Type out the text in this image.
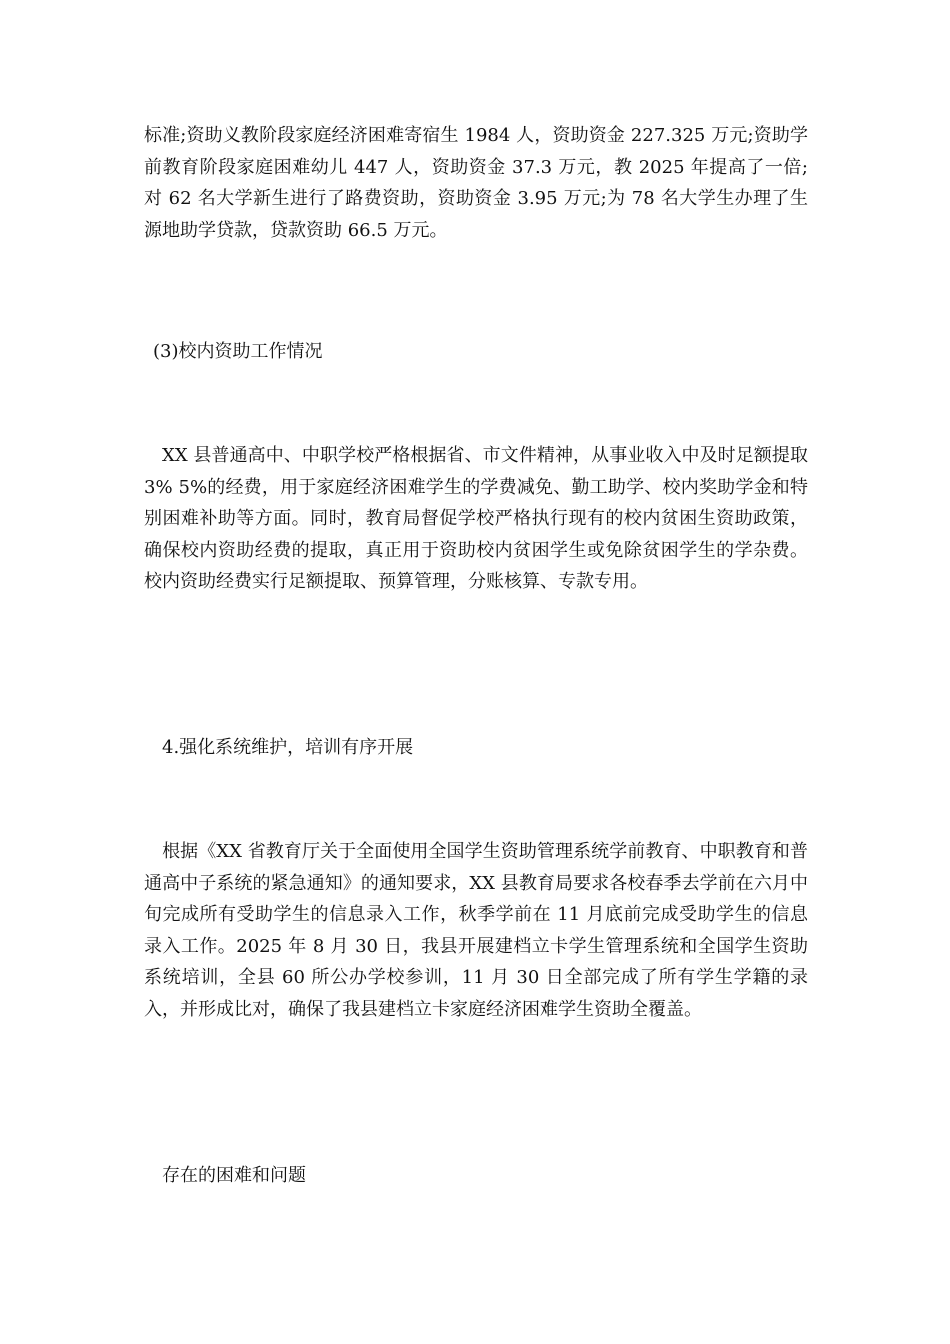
标准;资助义教阶段家庭经济困难寄宿生 1984 人，资助资金 227.325 万元;资助学前教育阶段家庭困难幼儿 447 人，资助资金 37.3 万元，教 2025 年提高了一倍;对 62 名大学新生进行了路费资助，资助资金 3.95 万元;为 78 名大学生办理了生源地助学贷款，贷款资助 66.5 万元。

 (3)校内资助工作情况

  XX 县普通高中、中职学校严格根据省、市文件精神，从事业收入中及时足额提取 3% 5%的经费，用于家庭经济困难学生的学费减免、勤工助学、校内奖助学金和特别困难补助等方面。同时，教育局督促学校严格执行现有的校内贫困生资助政策，确保校内资助经费的提取，真正用于资助校内贫困学生或免除贫困学生的学杂费。校内资助经费实行足额提取、预算管理，分账核算、专款专用。

  4.强化系统维护，培训有序开展

  根据《XX 省教育厅关于全面使用全国学生资助管理系统学前教育、中职教育和普通高中子系统的紧急通知》的通知要求，XX 县教育局要求各校春季去学前在六月中旬完成所有受助学生的信息录入工作，秋季学前在 11 月底前完成受助学生的信息录入工作。2025 年 8 月 30 日，我县开展建档立卡学生管理系统和全国学生资助系统培训，全县 60 所公办学校参训，11 月 30 日全部完成了所有学生学籍的录入，并形成比对，确保了我县建档立卡家庭经济困难学生资助全覆盖。

  存在的困难和问题
